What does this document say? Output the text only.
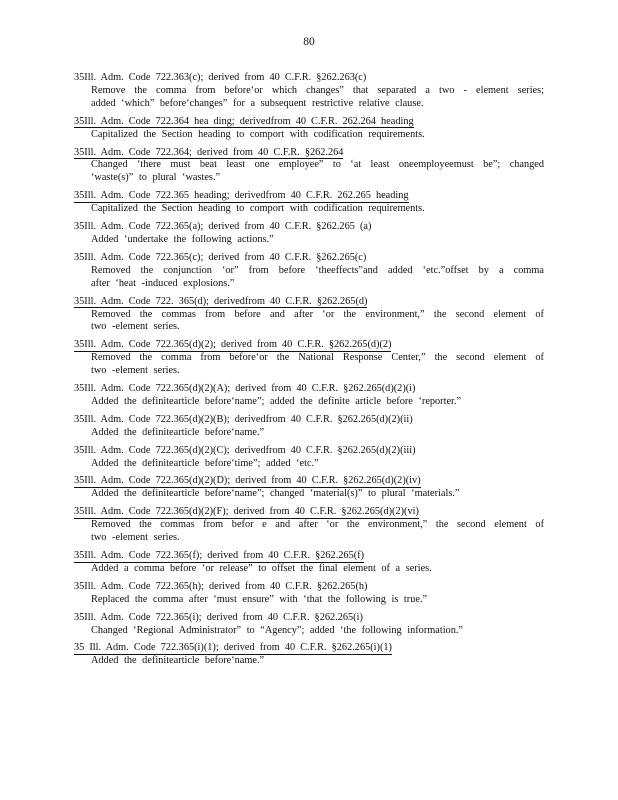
80
35Ill. Adm. Code 722.363(c); derived from 40 C.F.R. §262.263(c)
Remove the comma from before‘or which changes” that separated a two - element series;
added ‘which” before‘changes” for a subsequent restrictive relative clause.
35Ill. Adm. Code 722.364 hea ding; derivedfrom 40 C.F.R. 262.264 heading
Capitalized the Section heading to comport with codification requirements.
35Ill. Adm. Code 722.364; derived from 40 C.F.R. §262.264
Changed ‘there must beat least one employee” to ‘at least oneemployeemust be”; changed
‘waste(s)” to plural ‘wastes.”
35Ill. Adm. Code 722.365 heading; derivedfrom 40 C.F.R. 262.265 heading
Capitalized the Section heading to comport with codification requirements.
35Ill. Adm. Code 722.365(a); derived from 40 C.F.R. §262.265 (a)
Added ‘undertake the following actions.”
35Ill. Adm. Code 722.365(c); derived from 40 C.F.R. §262.265(c)
Removed the conjunction ‘or” from before ‘theeffects”and added ‘etc.”offset by a comma
after ‘heat -induced explosions.”
35Ill. Adm. Code 722. 365(d); derivedfrom 40 C.F.R. §262.265(d)
Removed the commas from before and after ‘or the environment,” the second element of
two -element series.
35Ill. Adm. Code 722.365(d)(2); derived from 40 C.F.R. §262.265(d)(2)
Removed the comma from before‘or the National Response Center,” the second element of
two -element series.
35Ill. Adm. Code 722.365(d)(2)(A); derived from 40 C.F.R. §262.265(d)(2)(i)
Added the definitearticle before‘name”; added the definite article before ‘reporter.”
35Ill. Adm. Code 722.365(d)(2)(B); derivedfrom 40 C.F.R. §262.265(d)(2)(ii)
Added the definitearticle before‘name.”
35Ill. Adm. Code 722.365(d)(2)(C); derivedfrom 40 C.F.R. §262.265(d)(2)(iii)
Added the definitearticle before‘time”; added ‘etc.”
35Ill. Adm. Code 722.365(d)(2)(D); derived from 40 C.F.R. §262.265(d)(2)(iv)
Added the definitearticle before‘name”; changed ‘material(s)” to plural ‘materials.”
35Ill. Adm. Code 722.365(d)(2)(F); derived from 40 C.F.R. §262.265(d)(2)(vi)
Removed the commas from befor e and after ‘or the environment,” the second element of
two -element series.
35Ill. Adm. Code 722.365(f); derived from 40 C.F.R. §262.265(f)
Added a comma before ‘or release” to offset the final element of a series.
35Ill. Adm. Code 722.365(h); derived from 40 C.F.R. §262.265(h)
Replaced the comma after ‘must ensure” with ‘that the following is true.”
35Ill. Adm. Code 722.365(i); derived from 40 C.F.R. §262.265(i)
Changed ‘Regional Administrator” to “Agency”; added ‘the following information.”
35 Ill. Adm. Code 722.365(i)(1); derived from 40 C.F.R. §262.265(i)(1)
Added the definitearticle before‘name.”
